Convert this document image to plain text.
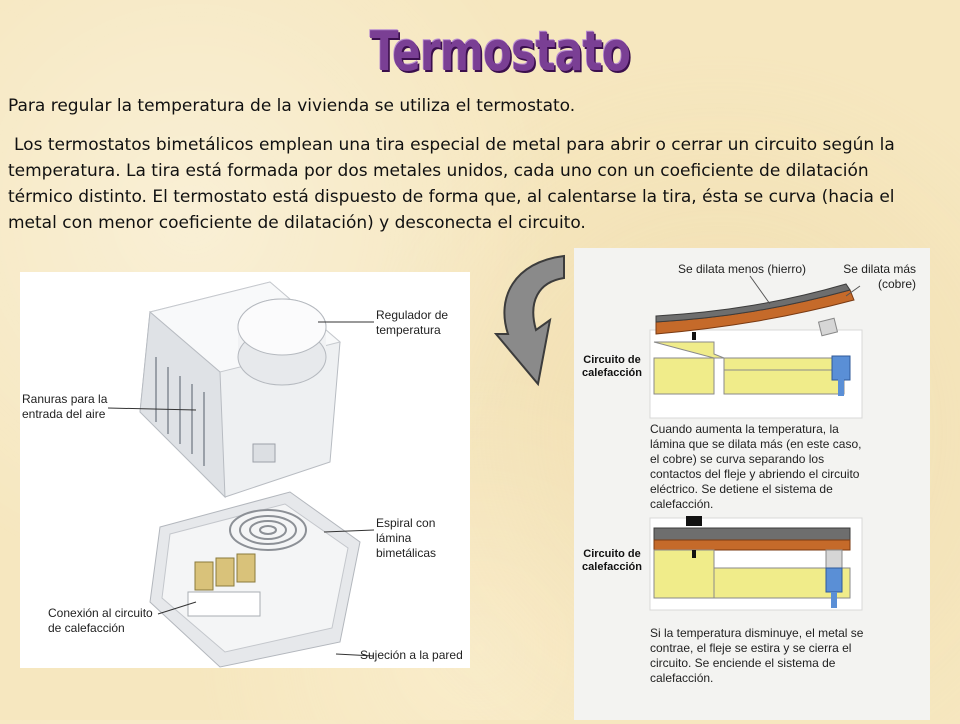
Termostato
Para regular la temperatura de la vivienda se utiliza el termostato.
Los termostatos bimetálicos emplean una tira especial de metal para abrir o cerrar un circuito según la temperatura. La tira está formada por dos metales unidos, cada uno con un coeficiente de dilatación térmico distinto. El termostato está dispuesto de forma que, al calentarse la tira, ésta se curva (hacia el metal con menor coeficiente de dilatación) y desconecta el circuito.
Regulador de temperatura
Ranuras para la entrada del aire
Espiral con lámina bimetálicas
Conexión al circuito de calefacción
Sujeción a la pared
Se dilata menos (hierro)	Se dilata más (cobre)
Circuito de calefacción
Cuando aumenta la temperatura, la lámina que se dilata más (en este caso, el cobre) se curva separando los contactos del fleje y abriendo el circuito eléctrico. Se detiene el sistema de calefacción.
Circuito de calefacción
Si la temperatura disminuye, el metal se contrae, el fleje se estira y se cierra el circuito. Se enciende el sistema de calefacción.
